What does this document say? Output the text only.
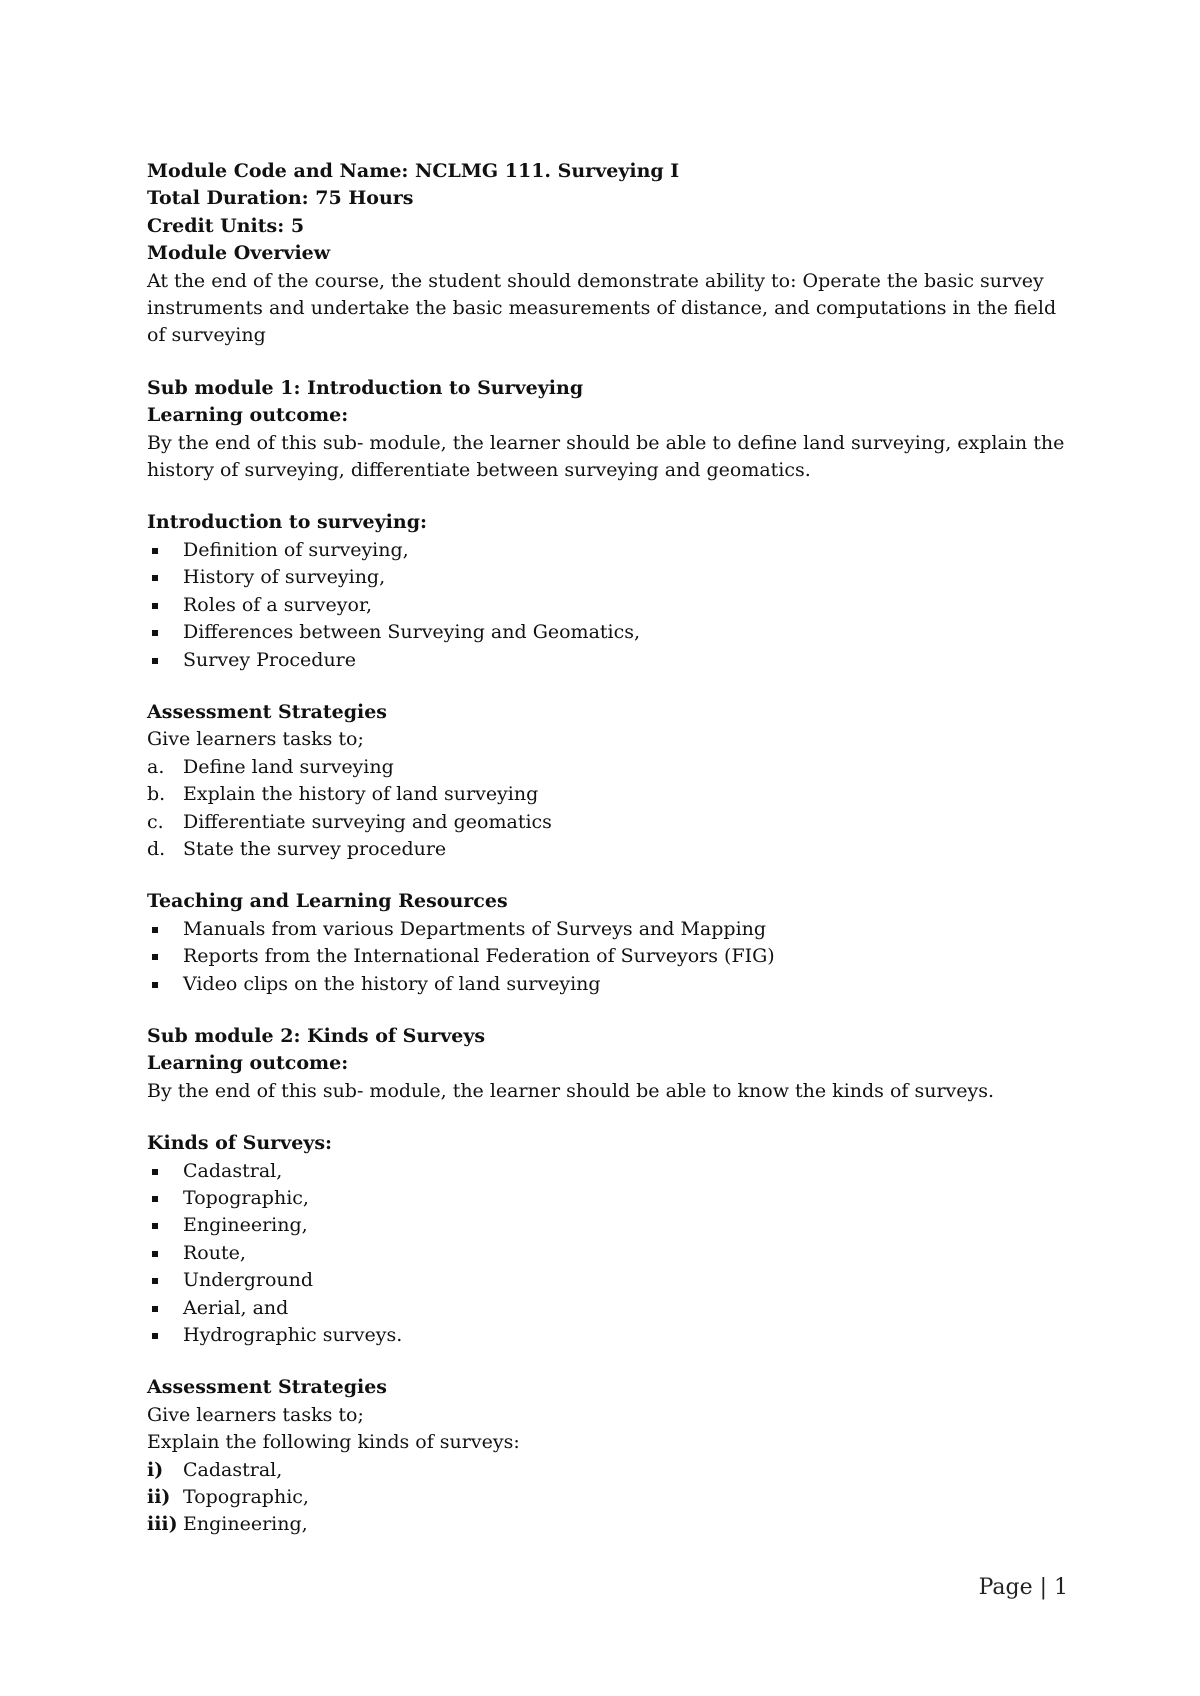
Module Code and Name: NCLMG 111. Surveying I

Total Duration: 75 Hours

Credit Units: 5

Module Overview

At the end of the course, the student should demonstrate ability to: Operate the basic survey instruments and undertake the basic measurements of distance, and computations in the field of surveying

Sub module 1: Introduction to Surveying

Learning outcome:

By the end of this sub- module, the learner should be able to define land surveying, explain the history of surveying, differentiate between surveying and geomatics.

Introduction to surveying:

Definition of surveying,
History of surveying,
Roles of a surveyor,
Differences between Surveying and Geomatics,
Survey Procedure

Assessment Strategies

Give learners tasks to;

a. Define land surveying
b. Explain the history of land surveying
c.	Differentiate surveying and geomatics
d. State the survey procedure

Teaching and Learning Resources

Manuals from various Departments of Surveys and Mapping
Reports from the International Federation of Surveyors (FIG)
Video clips on the history of land surveying

Sub module 2: Kinds of Surveys

Learning outcome:

By the end of this sub- module, the learner should be able to know the kinds of surveys.

Kinds of Surveys:

Cadastral,
Topographic,
Engineering,
Route,
Underground
Aerial, and
Hydrographic surveys.

Assessment Strategies

Give learners tasks to;

Explain the following kinds of surveys:

i)	Cadastral,
ii) Topographic,
iii) Engineering,
Page | 1
